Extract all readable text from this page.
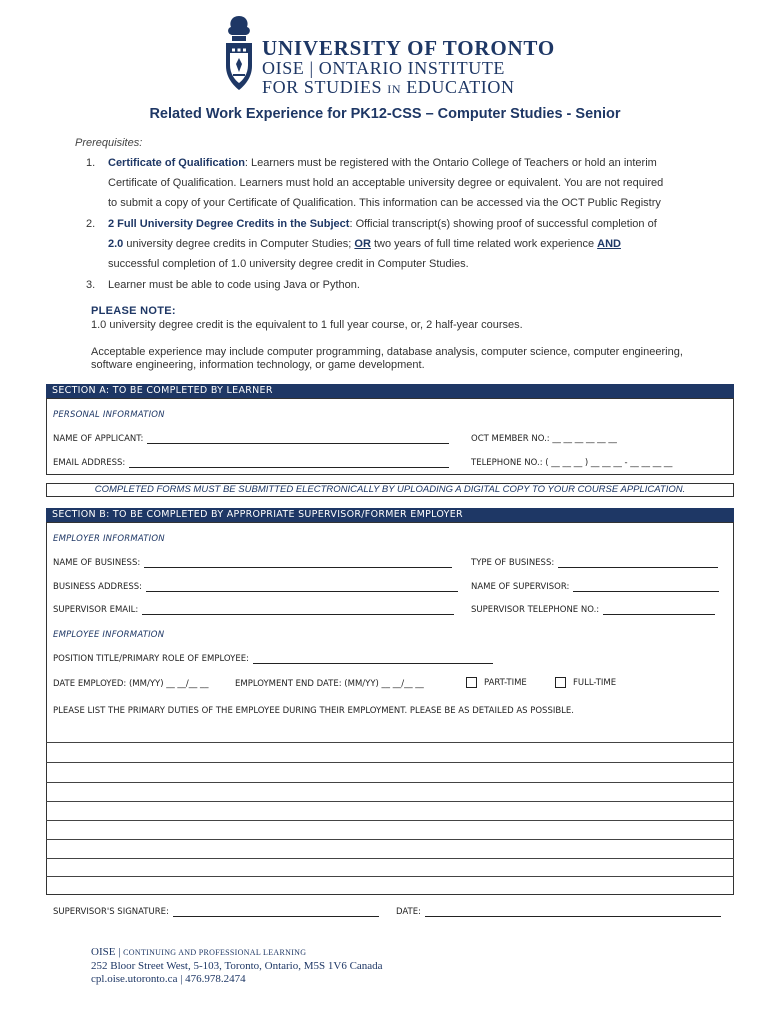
UNIVERSITY OF TORONTO
OISE | ONTARIO INSTITUTE
FOR STUDIES IN EDUCATION
Related Work Experience for PK12-CSS – Computer Studies - Senior
Prerequisites:
1. Certificate of Qualification: Learners must be registered with the Ontario College of Teachers or hold an interim
Certificate of Qualification. Learners must hold an acceptable university degree or equivalent. You are not required
to submit a copy of your Certificate of Qualification. This information can be accessed via the OCT Public Registry
2. 2 Full University Degree Credits in the Subject: Official transcript(s) showing proof of successful completion of
2.0 university degree credits in Computer Studies; OR two years of full time related work experience AND
successful completion of 1.0 university degree credit in Computer Studies.
3. Learner must be able to code using Java or Python.
PLEASE NOTE:
1.0 university degree credit is the equivalent to 1 full year course, or, 2 half-year courses.
Acceptable experience may include computer programming, database analysis, computer science, computer engineering, software engineering, information technology, or game development.
SECTION A: TO BE COMPLETED BY LEARNER
PERSONAL INFORMATION
NAME OF APPLICANT:	OCT MEMBER NO.: __ __ __ __ __ __
EMAIL ADDRESS:	TELEPHONE NO.: ( __ __ __ ) __ __ __ - __ __ __ __
COMPLETED FORMS MUST BE SUBMITTED ELECTRONICALLY BY UPLOADING A DIGITAL COPY TO YOUR COURSE APPLICATION.
SECTION B: TO BE COMPLETED BY APPROPRIATE SUPERVISOR/FORMER EMPLOYER
EMPLOYER INFORMATION
NAME OF BUSINESS:	TYPE OF BUSINESS:
BUSINESS ADDRESS:	NAME OF SUPERVISOR:
SUPERVISOR EMAIL:	SUPERVISOR TELEPHONE NO.:
EMPLOYEE INFORMATION
POSITION TITLE/PRIMARY ROLE OF EMPLOYEE:
DATE EMPLOYED: (MM/YY) __ __/__ __	EMPLOYMENT END DATE: (MM/YY) __ __/__ __	PART-TIME	FULL-TIME
PLEASE LIST THE PRIMARY DUTIES OF THE EMPLOYEE DURING THEIR EMPLOYMENT. PLEASE BE AS DETAILED AS POSSIBLE.
SUPERVISOR'S SIGNATURE:	DATE:
OISE | CONTINUING AND PROFESSIONAL LEARNING
252 Bloor Street West, 5-103, Toronto, Ontario, M5S 1V6 Canada
cpl.oise.utoronto.ca | 476.978.2474
